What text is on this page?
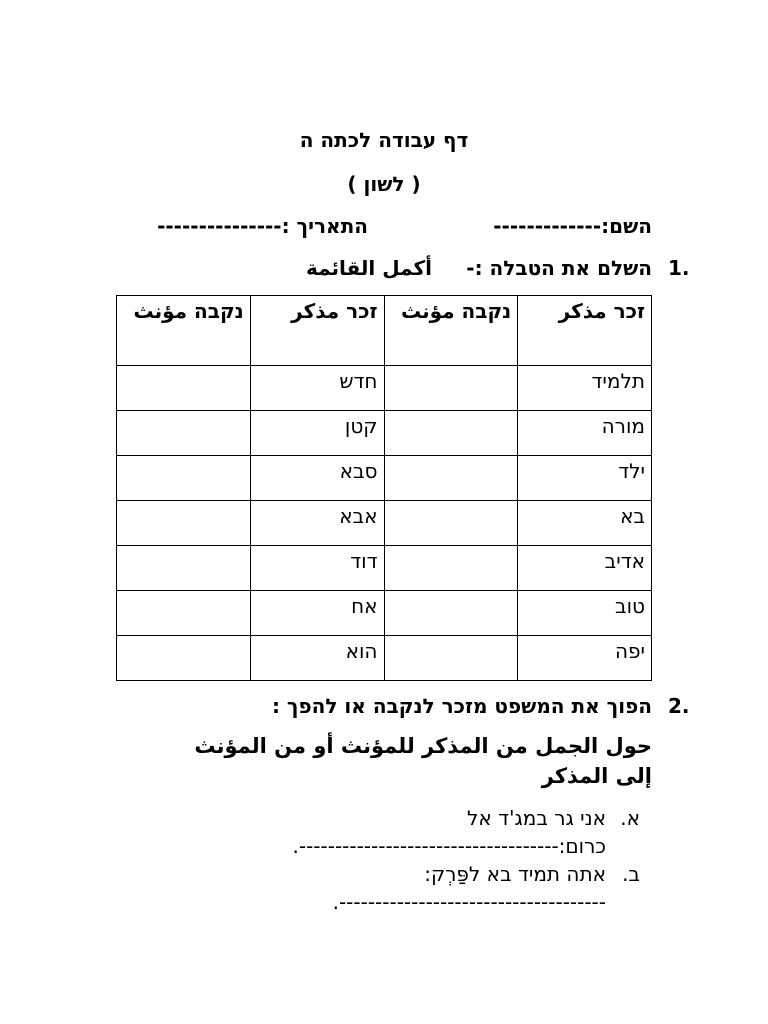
דף עבודה לכתה ה
( לשון )
השם:-------------
התאריך :---------------
1.
השלם את הטבלה :-
أكمل القائمة
זכר مذكر	נקבה مؤنث	זכר مذكر	נקבה مؤنث
תלמיד		חדש	
מורה		קטן	
ילד		סבא	
בא		אבא	
אדיב		דוד	
טוב		אח	
יפה		הוא	
2.
הפוך את המשפט מזכר לנקבה או להפך :
حول الجمل من المذكر للمؤنث أو من المؤنث
إلى المذكر
א.
אני גר במג'ד אל
כרום:------------------------------------.
ב.
אתה תמיד בא לפַּרְק:
-------------------------------------.
